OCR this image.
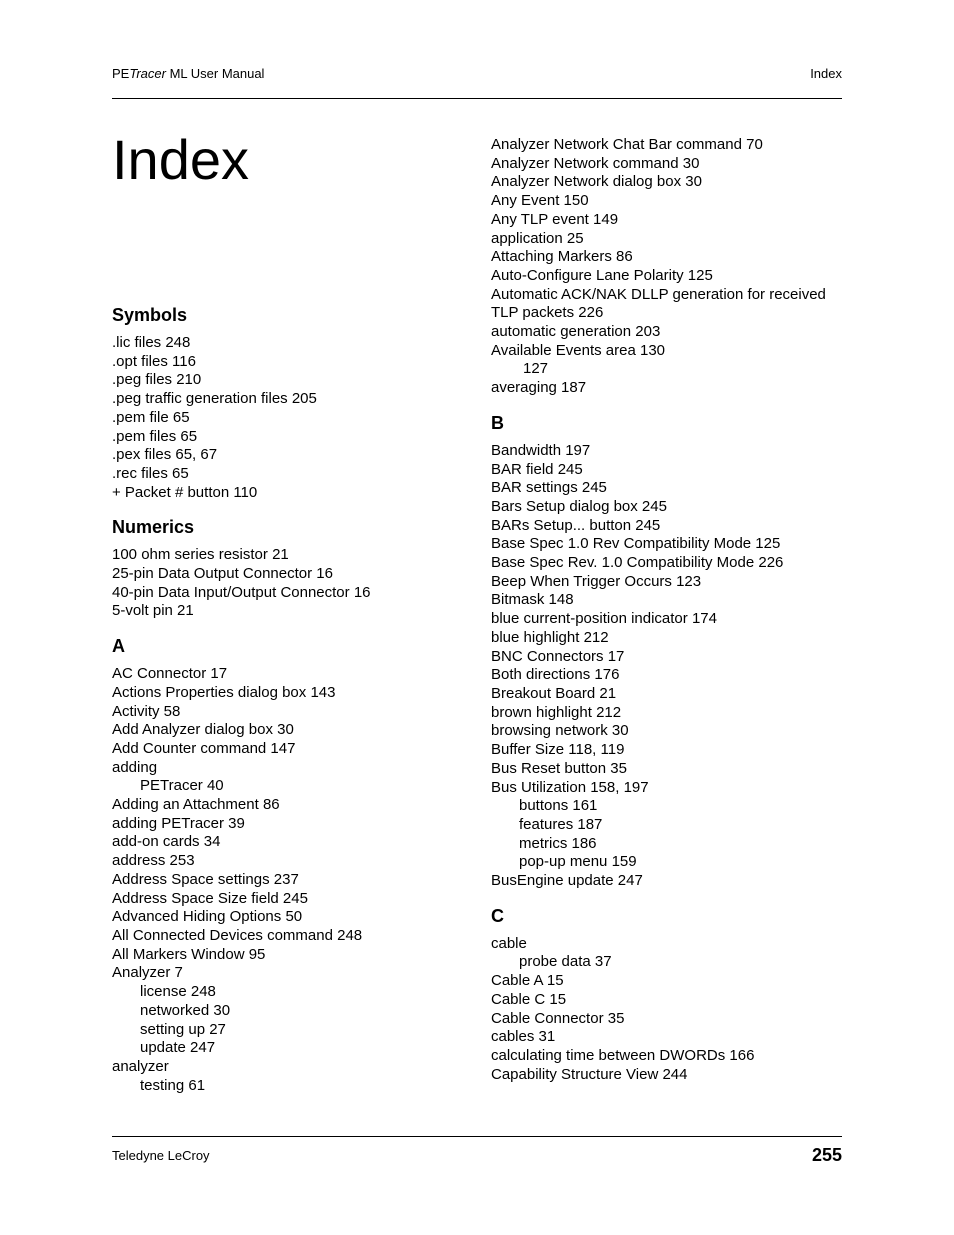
PETracer ML User Manual	Index
Index
Symbols
.lic files 248
.opt files 116
.peg files 210
.peg traffic generation files 205
.pem file 65
.pem files 65
.pex files 65, 67
.rec files 65
+ Packet # button 110
Numerics
100 ohm series resistor 21
25-pin Data Output Connector 16
40-pin Data Input/Output Connector 16
5-volt pin 21
A
AC Connector 17
Actions Properties dialog box 143
Activity 58
Add Analyzer dialog box 30
Add Counter command 147
adding
PETracer 40
Adding an Attachment 86
adding PETracer 39
add-on cards 34
address 253
Address Space settings 237
Address Space Size field 245
Advanced Hiding Options 50
All Connected Devices command 248
All Markers Window 95
Analyzer 7
license 248
networked 30
setting up 27
update 247
analyzer
testing 61
Analyzer Network Chat Bar command 70
Analyzer Network command 30
Analyzer Network dialog box 30
Any Event 150
Any TLP event 149
application 25
Attaching Markers 86
Auto-Configure Lane Polarity 125
Automatic ACK/NAK DLLP generation for received
TLP packets 226
automatic generation 203
Available Events area 130
127
averaging 187
B
Bandwidth 197
BAR field 245
BAR settings 245
Bars Setup dialog box 245
BARs Setup... button 245
Base Spec 1.0 Rev Compatibility Mode 125
Base Spec Rev. 1.0 Compatibility Mode 226
Beep When Trigger Occurs 123
Bitmask 148
blue current-position indicator 174
blue highlight 212
BNC Connectors 17
Both directions 176
Breakout Board 21
brown highlight 212
browsing network 30
Buffer Size 118, 119
Bus Reset button 35
Bus Utilization 158, 197
buttons 161
features 187
metrics 186
pop-up menu 159
BusEngine update 247
C
cable
probe data 37
Cable A 15
Cable C 15
Cable Connector 35
cables 31
calculating time between DWORDs 166
Capability Structure View 244
Teledyne LeCroy	255
